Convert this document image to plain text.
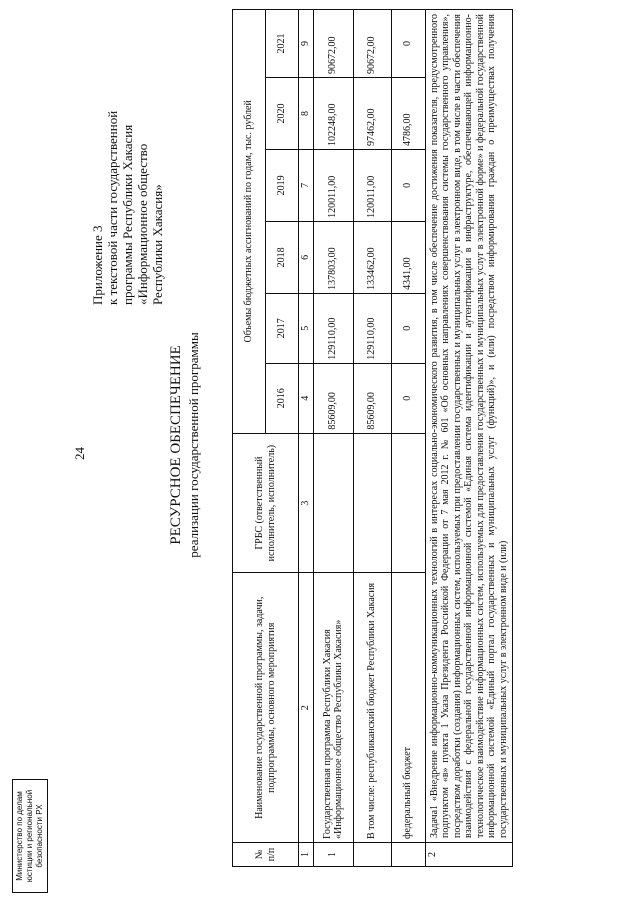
Министерство по делам юстиции и региональной безопасности РХ
24
Приложение 3 к текстовой части государственной программы Республики Хакасия «Информационное общество Республики Хакасия»
РЕСУРСНОЕ ОБЕСПЕЧЕНИЕ реализации государственной программы
№ п/п	Наименование государственной программы, задачи, подпрограммы, основного мероприятия	ГРБС (ответственный исполнитель, исполнитель)	Объемы бюджетных ассигнований по годам, тыс. рублей					
			2016	2017	2018	2019	2020	2021
1	2	3	4	5	6	7	8	9
1	Государственная программа Республики Хакасия «Информационное общество Республики Хакасия»		85609,00	129110,00	137803,00	120011,00	102248,00	90672,00
	В том числе: республиканский бюджет Республики Хакасия		85609,00	129110,00	133462,00	120011,00	97462,00	90672,00
	федеральный бюджет		0	0	4341,00	0	4786,00	0
2	Задача1 «Внедрение информационно-коммуникационных технологий в интересах социально-экономического развития, в том числе обеспечение достижения показателя, предусмотренного подпунктом «в» пункта 1 Указа Президента Российской Федерации от 7 мая 2012 г. № 601 «Об основных направлениях совершенствования системы государственного управления», посредством доработки (создания) информационных систем, используемых при предоставлении государственных и муниципальных услуг в электронном виде, в том числе в части обеспечения взаимодействия с федеральной государственной информационной системой «Единая система идентификации и аутентификации в инфраструктуре, обеспечивающей информационно-технологическое взаимодействие информационных систем, используемых для предоставления государственных и муниципальных услуг в электронной форме» и федеральной государственной информационной системой «Единый портал государственных и муниципальных услуг (функций)», и (или) посредством информирования граждан о преимуществах получения государственных и муниципальных услуг в электронном виде и (или)							
